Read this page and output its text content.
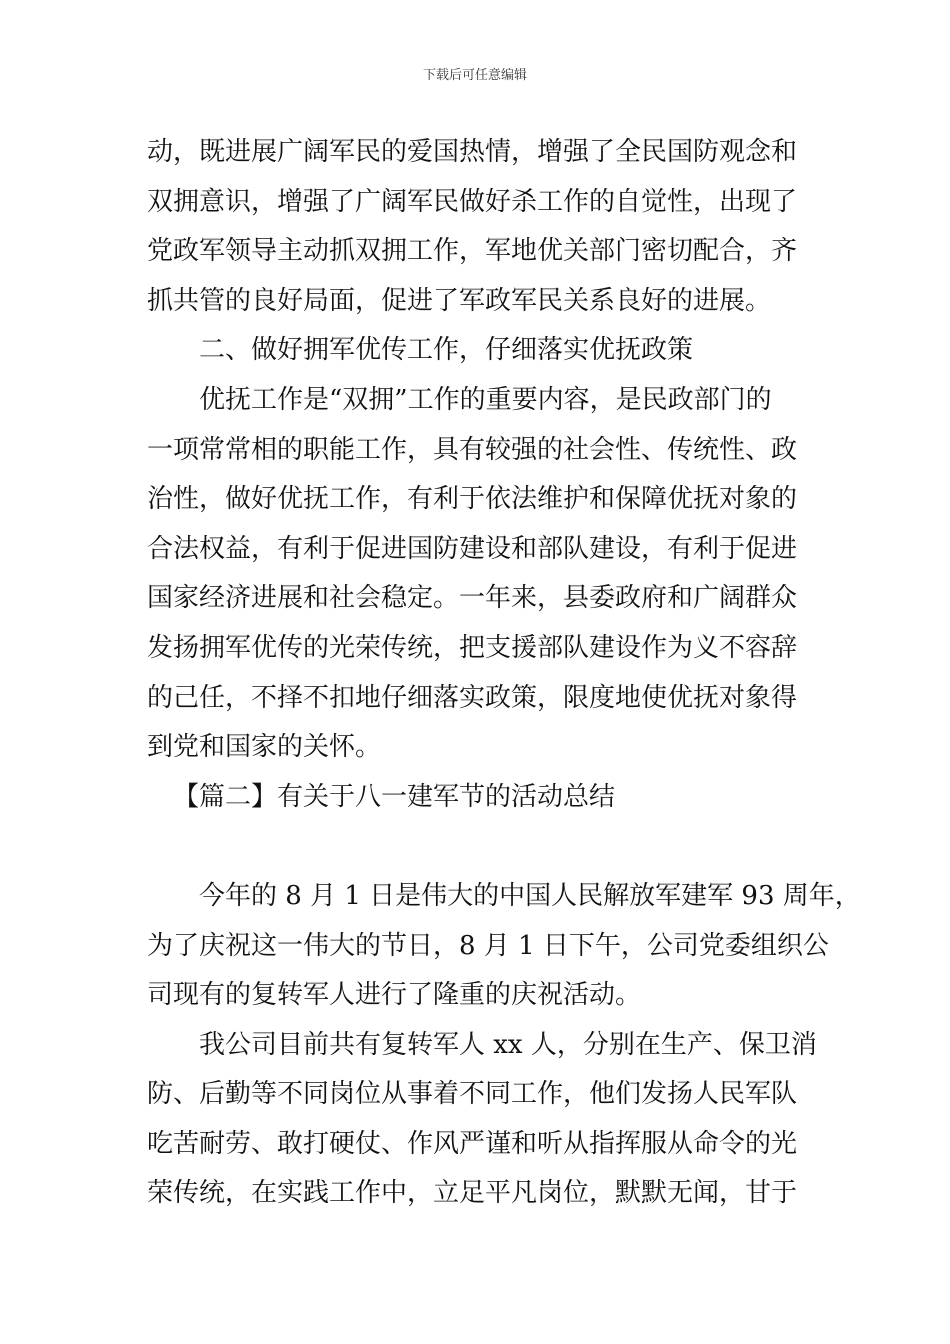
下载后可任意编辑
动，既进展广阔军民的爱国热情，增强了全民国防观念和
双拥意识，增强了广阔军民做好杀工作的自觉性，出现了
党政军领导主动抓双拥工作，军地优关部门密切配合，齐
抓共管的良好局面，促进了军政军民关系良好的进展。
二、做好拥军优传工作，仔细落实优抚政策
优抚工作是“双拥”工作的重要内容，是民政部门的
一项常常相的职能工作，具有较强的社会性、传统性、政
治性，做好优抚工作，有利于依法维护和保障优抚对象的
合法权益，有利于促进国防建设和部队建设，有利于促进
国家经济进展和社会稳定。一年来，县委政府和广阔群众
发扬拥军优传的光荣传统，把支援部队建设作为义不容辞
的己任，不择不扣地仔细落实政策，限度地使优抚对象得
到党和国家的关怀。
【篇二】有关于八一建军节的活动总结
今年的 8 月 1 日是伟大的中国人民解放军建军 93 周年，
为了庆祝这一伟大的节日，8 月 1 日下午，公司党委组织公
司现有的复转军人进行了隆重的庆祝活动。
我公司目前共有复转军人 xx 人，分别在生产、保卫消
防、后勤等不同岗位从事着不同工作，他们发扬人民军队
吃苦耐劳、敢打硬仗、作风严谨和听从指挥服从命令的光
荣传统，在实践工作中，立足平凡岗位，默默无闻，甘于
